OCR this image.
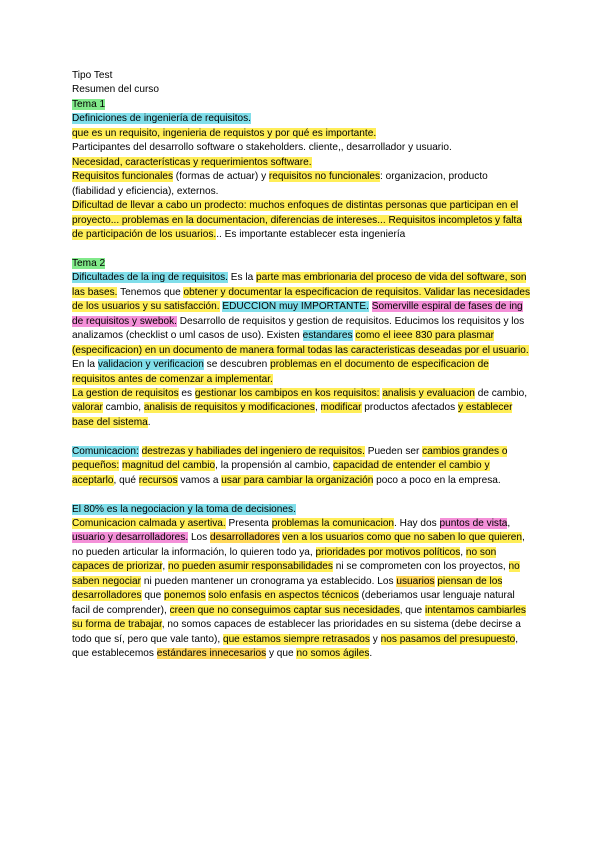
Tipo Test
Resumen del curso
Tema 1
Definiciones de ingeniería de requisitos.
que es un requisito, ingenieria de requistos y por qué es importante.
Participantes del desarrollo software o stakeholders. cliente,, desarrollador y usuario.
Necesidad, características y requerimientos software.
Requisitos funcionales (formas de actuar) y requisitos no funcionales: organizacion, producto (fiabilidad y eficiencia), externos.
Dificultad de llevar a cabo un prodecto: muchos enfoques de distintas personas que participan en el proyecto... problemas en la documentacion, diferencias de intereses... Requisitos incompletos y falta de participación de los usuarios... Es importante establecer esta ingeniería
Tema 2
Dificultades de la ing de requisitos. Es la parte mas embrionaria del proceso de vida del software, son las bases. Tenemos que obtener y documentar la especificacion de requisitos. Validar las necesidades de los usuarios y su satisfacción. EDUCCION muy IMPORTANTE. Somerville espiral de fases de ing de requisitos y swebok. Desarrollo de requisitos y gestion de requisitos. Educimos los requisitos y los analizamos (checklist o uml casos de uso). Existen estandares como el ieee 830 para plasmar (especificacion) en un documento de manera formal todas las caracteristicas deseadas por el usuario. En la validacion y verificacion se descubren problemas en el documento de especificacion de requisitos antes de comenzar a implementar.
La gestion de requisitos es gestionar los cambipos en kos requisitos: analisis y evaluacion de cambio, valorar cambio, analisis de requisitos y modificaciones, modificar productos afectados y establecer base del sistema.
Comunicacion: destrezas y habiliades del ingeniero de requisitos. Pueden ser cambios grandes o pequeños: magnitud del cambio, la propensión al cambio, capacidad de entender el cambio y aceptarlo, qué recursos vamos a usar para cambiar la organización poco a poco en la empresa.
El 80% es la negociacion y la toma de decisiones.
Comunicacion calmada y asertiva. Presenta problemas la comunicacion. Hay dos puntos de vista, usuario y desarrolladores. Los desarrolladores ven a los usuarios como que no saben lo que quieren, no pueden articular la información, lo quieren todo ya, prioridades por motivos políticos, no son capaces de priorizar, no pueden asumir responsabilidades ni se comprometen con los proyectos, no saben negociar ni pueden mantener un cronograma ya establecido. Los usuarios piensan de los desarrolladores que ponemos solo enfasis en aspectos técnicos (deberiamos usar lenguaje natural facil de comprender), creen que no conseguimos captar sus necesidades, que intentamos cambiarles su forma de trabajar, no somos capaces de establecer las prioridades en su sistema (debe decirse a todo que sí, pero que vale tanto), que estamos siempre retrasados y nos pasamos del presupuesto, que establecemos estándares innecesarios y que no somos ágiles.
